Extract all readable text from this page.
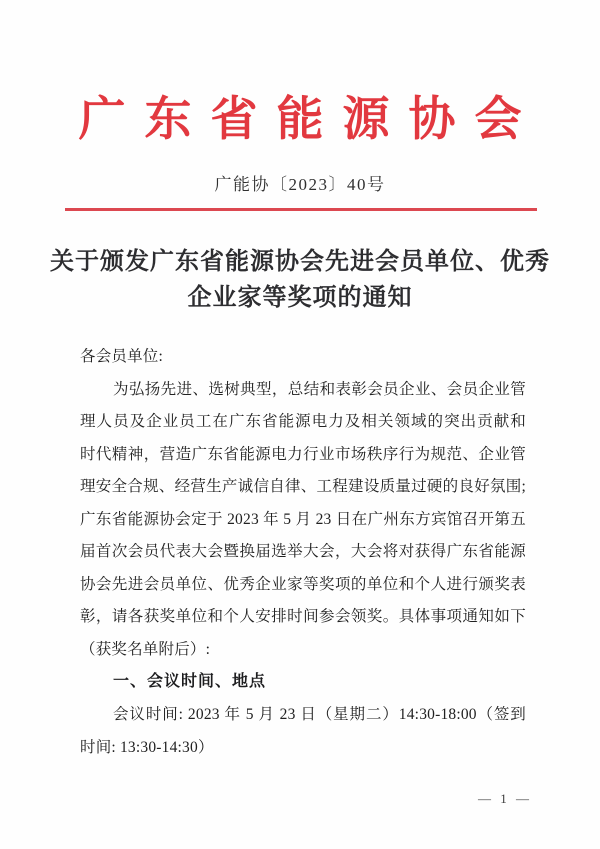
广东省能源协会
广能协〔2023〕40号
关于颁发广东省能源协会先进会员单位、优秀
企业家等奖项的通知
各会员单位:
为弘扬先进、选树典型，总结和表彰会员企业、会员企业管
理人员及企业员工在广东省能源电力及相关领域的突出贡献和
时代精神，营造广东省能源电力行业市场秩序行为规范、企业管
理安全合规、经营生产诚信自律、工程建设质量过硬的良好氛围;
广东省能源协会定于 2023 年 5 月 23 日在广州东方宾馆召开第五
届首次会员代表大会暨换届选举大会，大会将对获得广东省能源
协会先进会员单位、优秀企业家等奖项的单位和个人进行颁奖表
彰，请各获奖单位和个人安排时间参会领奖。具体事项通知如下
（获奖名单附后）:
一、会议时间、地点
会议时间: 2023 年 5 月 23 日（星期二）14:30-18:00（签到
时间: 13:30-14:30）
— 1 —
